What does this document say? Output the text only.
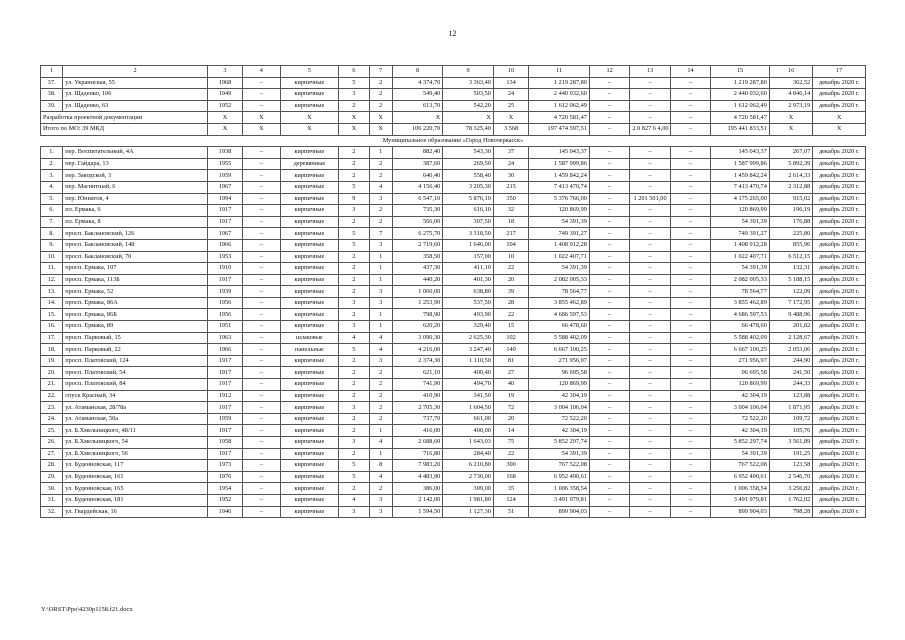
12
1	2	3	4	5	6	7	8	9	10	11	12	13	14	15	16	17
37.	ул. Украинская, 55	1968	–	кирпичные	5	2	4 374,70	3 363,40	134	1 219 287,80	–	–	–	1 219 287,80	362,52	декабрь 2020 г.
38.	ул. Щаденко, 106	1949	–	кирпичные	3	2	549,40	503,50	24	2 440 032,60	–	–	–	2 440 032,60	4 846,14	декабрь 2020 г.
39.	ул. Щаденко, 63	1952	–	кирпичные	2	2	613,70	542,20	25	1 612 062,49	–	–	–	1 612 062,49	2 973,19	декабрь 2020 г.
Разработка проектной документации		X	X	X	X	X	X	X	X	4 720 581,47	–	–	–	4 720 581,47	X	X
Итого по МО: 39 МКД		X	X	X	X	X	106 220,70	78 325,40	3 568	197 474 597,51	–	2 0 827 6 4,00	–	195 441 833,51	X	X
Муниципальное образование «Город Новочеркасск»																
1.	пер. Воспитательный, 4А	1938	–	кирпичные	2	1	882,40	543,30	37	145 043,37	–	–	–	145 043,37	267,07	декабрь 2020 г.
2.	пер. Гайдара, 13	1955	–	деревянные	2	2	387,60	269,50	24	1 587 999,86	–	–	–	1 587 999,86	5 892,39	декабрь 2020 г.
3.	пер. Заводской, 3	1959	–	кирпичные	2	2	640,40	558,40	30	1 459 842,24	–	–	–	1 459 842,24	2 614,33	декабрь 2020 г.
4.	пер. Магнитный, 6	1967	–	кирпичные	5	4	4 156,40	3 205,30	215	7 413 470,74	–	–	–	7 413 470,74	2 312,88	декабрь 2020 г.
5.	пер. Юннатов, 4	1994	–	кирпичные	9	3	6 547,10	5 876,10	350	5 376 766,00	–	1 201 501,00	–	4 175 265,00	915,02	декабрь 2020 г.
6.	пл. Ермака, 6	1917	–	кирпичные	3	2	735,30	616,10	32	120 869,99	–	–	–	120 869,99	196,19	декабрь 2020 г.
7.	пл. Ермака, 8	1917	–	кирпичные	2	2	566,00	307,50	18	54 391,39	–	–	–	54 391,39	176,88	декабрь 2020 г.
8.	просп. Баклановский, 126	1967	–	кирпичные	5	7	6 275,70	3 318,50	217	749 391,27	–	–	–	749 391,27	225,80	декабрь 2020 г.
9.	просп. Баклановский, 148	1966	–	кирпичные	5	3	2 719,60	1 646,00	104	1 408 912,28	–	–	–	1 408 912,28	855,96	декабрь 2020 г.
10.	просп. Баклановский, 70	1953	–	кирпичные	2	1	358,50	157,00	10	1 022 407,71	–	–	–	1 022 407,71	6 512,15	декабрь 2020 г.
11.	просп. Ермака, 107	1910	–	кирпичные	2	1	437,30	411,10	22	54 391,39	–	–	–	54 391,39	132,31	декабрь 2020 г.
12.	просп. Ермака, 113Б	1917	–	кирпичные	2	1	440,20	401,30	20	2 082 005,33	–	–	–	2 082 005,33	5 188,15	декабрь 2020 г.
13.	просп. Ермака, 52	1939	–	кирпичные	2	3	1 060,00	638,80	39	78 564,77	–	–	–	78 564,77	122,99	декабрь 2020 г.
14.	просп. Ермака, 86А	1956	–	кирпичные	3	3	1 253,90	537,50	28	3 855 462,89	–	–	–	3 855 462,89	7 172,95	декабрь 2020 г.
15.	просп. Ермака, 86Б	1956	–	кирпичные	2	1	798,90	493,90	22	4 686 597,53	–	–	–	4 686 597,53	9 488,96	декабрь 2020 г.
16.	просп. Ермака, 89	1951	–	кирпичные	3	1	620,20	329,40	15	66 478,60	–	–	–	66 478,60	201,82	декабрь 2020 г.
17.	просп. Парковый, 15	1963	–	шлаковые	4	4	3 090,30	2 625,30	102	5 588 402,09	–	–	–	5 588 402,09	2 128,67	декабрь 2020 г.
18.	просп. Парковый, 22	1966	–	панельные	5	4	4 216,00	3 247,40	140	6 667 100,25	–	–	–	6 667 100,25	2 053,06	декабрь 2020 г.
19.	просп. Платовский, 124	1917	–	кирпичные	2	3	2 374,30	1 110,50	81	271 956,97	–	–	–	271 956,97	244,90	декабрь 2020 г.
20.	просп. Платовский, 54	1917	–	кирпичные	2	2	621,10	400,40	27	96 695,58	–	–	–	96 695,58	241,50	декабрь 2020 г.
21.	просп. Платовский, 84	1917	–	кирпичные	2	2	741,90	494,70	40	120 869,99	–	–	–	120 869,99	244,33	декабрь 2020 г.
22.	спуск Красный, 34	1912	–	кирпичные	2	2	410,90	341,50	19	42 304,19	–	–	–	42 304,19	123,88	декабрь 2020 г.
23.	ул. Атаманская, 28/78а	1917	–	кирпичные	3	2	2 705,30	1 604,50	72	3 004 106,04	–	–	–	3 004 106,04	1 871,95	декабрь 2020 г.
24.	ул. Атаманская, 50а	1959	–	кирпичные	2	2	737,70	661,00	20	72 522,20	–	–	–	72 522,20	109,72	декабрь 2020 г.
25.	ул. Б.Хмельницкого, 48/11	1917	–	кирпичные	2	1	416,00	400,00	14	42 304,19	–	–	–	42 304,19	105,76	декабрь 2020 г.
26.	ул. Б.Хмельницкого, 54	1958	–	кирпичные	3	4	2 688,60	1 643,03	75	5 852 297,74	–	–	–	5 852 297,74	3 561,89	декабрь 2020 г.
27.	ул. Б.Хмельницкого, 56	1917	–	кирпичные	2	1	716,80	284,40	22	54 391,39	–	–	–	54 391,39	191,25	декабрь 2020 г.
28.	ул. Буденновская, 117	1973	–	кирпичные	5	8	7 983,20	6 210,80	300	767 522,08	–	–	–	767 522,08	123,58	декабрь 2020 г.
29.	ул. Буденновская, 161	1976	–	кирпичные	5	4	4 483,90	2 730,00	168	6 952 490,61	–	–	–	6 952 490,61	2 546,70	декабрь 2020 г.
30.	ул. Буденновская, 165	1954	–	кирпичные	2	2	386,00	309,00	35	1 006 358,54	–	–	–	1 006 358,54	3 256,82	декабрь 2020 г.
31.	ул. Буденновская, 181	1952	–	кирпичные	4	3	2 142,00	1 981,80	124	3 491 979,81	–	–	–	3 491 979,81	1 762,02	декабрь 2020 г.
32.	ул. Гвардейская, 16	1946	–	кирпичные	3	3	1 594,50	1 127,30	51	899 904,03	–	–	–	899 904,03	798,28	декабрь 2020 г.
Y:\ORST\Ppo\4230p1158.f21.docx
